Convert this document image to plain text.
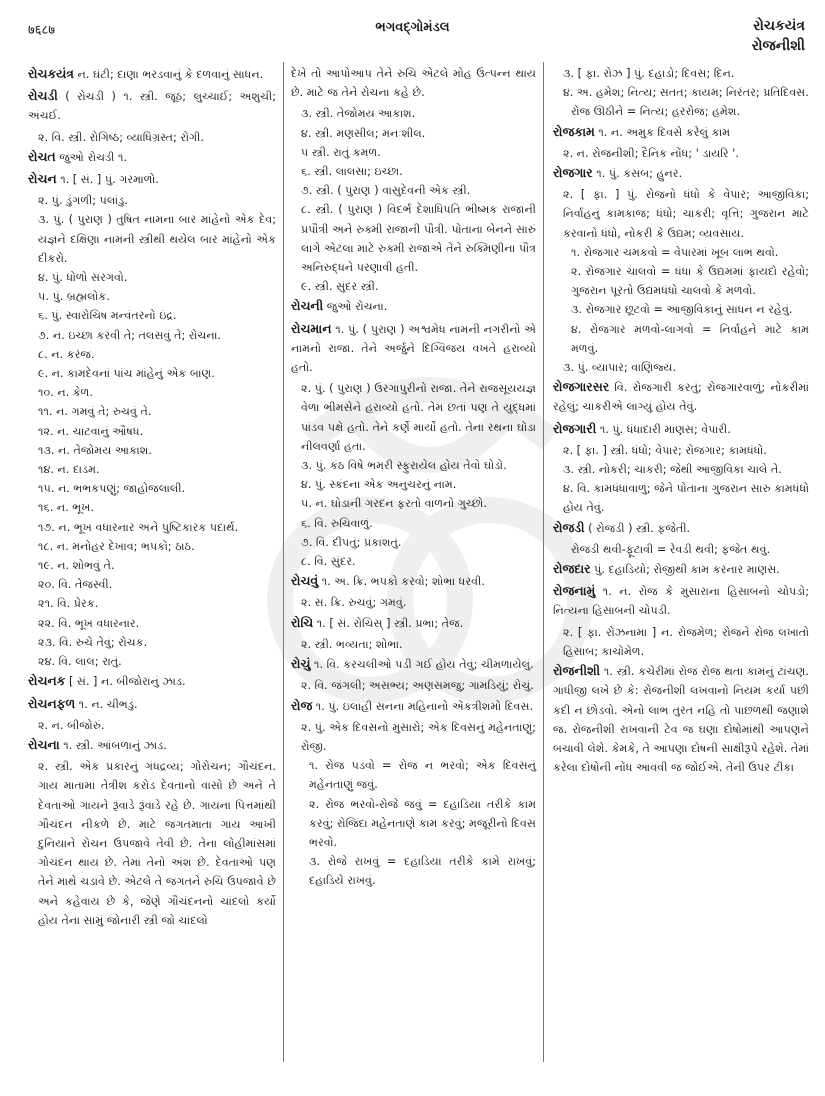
७६८७	ભગવદ્ગોમંડલ	રોચકયંત્ર
રોજનીશી
રોચકયંત્ર ન. ઘંટી; દાણા ભરડવાનું કે દળવાનું સાધન.
રોચડી ( રોચડી ) ૧. સ્ત્રી. જૂઠ; લુચ્ચાઈ; અશુચી; અંચઈ.
૨. વિ. સ્ત્રી. રોગિષ્ઠ; વ્યાધિગ્રસ્ત; રોગી.
રોચત જુઓ રોચડી ૧.
રોચન ૧. [ સં. ] પું. ગરમાળો.
૨. પું. ડુંગળી; પલાંડુ.
૩. પું. ( પુરાણ ) તુષિત નામના બાર માંહેનો એક દેવ; યજ્ઞને દક્ષિણા નામની સ્ત્રીથી થયેલ બાર માંહેનો એક દીકરો.
૪. પું. ધોળો સરગવો.
૫. પું. બ્રહ્મલોક.
૬. પું. સ્વારોચિષ મન્વંતરનો ઇંદ્ર.
૭. ન. ઇચ્છા કરવી તે; તલસવું તે; રોચના.
૮. ન. કરંજ.
૯. ન. કામદેવનાં પાંચ માંહેનું એક બાણ.
૧૦. ન. કેળ.
૧૧. ન. ગમવું તે; રુચવું તે.
૧૨. ન. ચાટવાનું ઔષધ.
૧૩. ન. તેજોમય આકાશ.
૧૪. ન. દાડમ.
૧૫. ન. ભભકપણું; જાહોજલાલી.
૧૬. ન. ભૂખ.
૧૭. ન. ભૂખ વધારનાર અને પુષ્ટિકારક પદાર્થ.
૧૮. ન. મનોહર દેખાવ; ભપકો; ઠાઠ.
૧૯. ન. શોભવું તે.
૨૦. વિ. તેજસ્વી.
૨૧. વિ. પ્રેરક.
૨૨. વિ. ભૂખ વધારનાર.
૨૩. વિ. રુચે તેવું; રોચક.
૨૪. વિ. લાલ; રાતું.
રોચનક [ સં. ] ન. બીજોરાનું ઝાડ.
રોચનફળ ૧. ન. ચીભડું.
૨. ન. બીજોરું.
રોચના ૧. સ્ત્રી. આંબળાનું ઝાડ.
૨. સ્ત્રી. એક પ્રકારનું ગંધદ્રવ્ય; ગોરોચન; ગૌચંદન. ગાય માતામાં તેત્રીશ કરોડ દેવતાનો વાસો છે અને તે દેવતાઓ ગાયને રૂંવાડે રૂંવાડે રહે છે. ગાયના પિત્તમાંથી ગૌચંદન નીકળે છે. માટે જગતમાતા ગાય આખી દુનિયાને રોચન ઉપજાવે તેવી છે. તેના લોહીમાંસમાં ગોચંદન થાય છે. તેમાં તેનો અંશ છે. દેવતાઓ પણ તેને માથે ચડાવે છે. એટલે તે જગતને રુચિ ઉપજાવે છે અને કહેવાય છે કે, જેણે ગૌચંદનનો ચાંદલો કર્યો હોય તેના સામું જોનારી સ્ત્રી જો ચાંદલો
દેખે તો આપોઆપ તેને રુચિ એટલે મોહ ઉત્પન્ન થાય છે. માટે જ તેને રોચના કહે છે.
૩. સ્ત્રી. તેજોમય આકાશ.
૪. સ્ત્રી. મણસીલ; મનઃશીલ.
૫ સ્ત્રી. રાતું કમળ.
૬. સ્ત્રી. લાલસા; ઇચ્છા.
૭. સ્ત્રી. ( પુરાણ ) વાસુદેવની એક સ્ત્રી.
૮. સ્ત્રી. ( પુરાણ ) વિદર્ભ દેશાધિપતિ ભીષ્મક રાજાની પ્રપૌત્રી અને રુક્મી રાજાની પૌત્રી. પોતાના બેનને સારું લાગે એટલા માટે રુક્મી રાજાએ તેને રુક્મિણીના પૌત્ર અનિરુદ્ધને પરણાવી હતી.
૯. સ્ત્રી. સુંદર સ્ત્રી.
રોચની જુઓ રોચના.
રોચમાન ૧. પું. ( પુરાણ ) અશ્વમેધ નામની નગરીનો એ નામનો રાજા. તેને અર્જુને દિગ્વિજય વખતે હરાવ્યો હતો.
૨. પું. ( પુરાણ ) ઉરગાપુરીનો રાજા. તેને રાજસૂયયજ્ઞ વેળા ભીમસેને હરાવ્યો હતો. તેમ છતાં પણ તે યુદ્ધમાં પાંડવ પક્ષે હતો. તેને કર્ણે માર્યો હતો. તેના રથના ઘોડા નીલવર્ણા હતા.
૩. પું. કંઠ વિષે ભમરી સ્ફુરાયેલ હોય તેવો ઘોડો.
૪. પું. સ્કંદના એક અનુચરનું નામ.
૫. ન. ઘોડાની ગરદન ફરતો વાળનો ગુચ્છો.
૬. વિ. રુચિવાળું.
૭. વિ. દીપતું; પ્રકાશતું.
૮. વિ. સુંદર.
રોચવું ૧. અ. ક્રિ. ભપકો કરવો; શોભા ધરવી.
૨. સ. ક્રિ. રુચવું; ગમવું.
રોચિ ૧. [ સં. રોચિસ્ ] સ્ત્રી. પ્રભા; તેજ.
૨. સ્ત્રી. ભવ્યતા; શોભા.
રોચું ૧. વિ. કરચલીઓ પડી ગઈ હોય તેવું; ચીમળાયેલું.
૨. વિ. જંગલી; અસભ્ય; અણસમજુ; ગામડિયું; રોચું.
રોજ ૧. પું. ઇલાહી સનના મહિનાનો એકત્રીશમો દિવસ.
૨. પું. એક દિવસનો મુસારો; એક દિવસનું મહેનતાણું; રોજી.
૧. રોજ પડવો = રોજ ન ભરવો; એક દિવસનું મહેનતાણું જવું.
૨. રોજ ભરવો-રોજે જવું = દહાડિયા તરીકે કામ કરવું; રોજિંદા મહેનતાણે કામ કરવું; મજૂરીનો દિવસ ભરવો.
૩. રોજે રાખવું = દહાડિયા તરીકે કામે રાખવું; દહાડિયે રાખવું.
૩. [ ફા. રોઝ ] પું. દહાડો; દિવસ; દિન.
૪. અ. હમેશ; નિત્ય; સતત; કાયમ; નિરંતર; પ્રતિદિવસ.
રોજ ઊઠીને = નિત્ય; હરરોજ; હમેશ.
રોજકામ ૧. ન. અમુક દિવસે કરેલું કામ
૨. ન. રોજનીશી; દૈનિક નોંધ; ' ડાયરિ '.
રોજગાર ૧. પું. કસબ; હુનર.
૨. [ ફા. ] પું. રોજનો ધંધો કે વેપાર; આજીવિકા; નિર્વાહનું કામકાજ; ધંધો; ચાકરી; વૃત્તિ; ગુજરાન માટે કરવાનો ધંધો, નોકરી કે ઉદ્યમ; વ્યવસાય.
૧. રોજગાર ચમકવો = વેપારમાં ખૂબ લાભ થવો.
૨. રોજગાર ચાલવો = ધંધા કે ઉદ્યમમાં ફાયદો રહેવો; ગુજરાન પૂરતો ઉદ્યમધંધો ચાલવો કે મળવો.
૩. રોજગાર છૂટવો = આજીવિકાનું સાધન ન રહેવું.
૪. રોજગાર મળવો-લાગવો = નિર્વાહને માટે કામ મળવું.
૩. પું. વ્યાપાર; વાણિજ્ય.
રોજગારસર વિ. રોજગારી કરતું; રોજગારવાળું; નોકરીમાં રહેલું; ચાકરીએ લાગ્યું હોય તેવું.
રોજગારી ૧. પું. ધંધાદારી માણસ; વેપારી.
૨. [ ફા. ] સ્ત્રી. ધંધો; વેપાર; રોજગાર; કામધંધો.
૩. સ્ત્રી. નોકરી; ચાકરી; જેથી આજીવિકા ચાલે તે.
૪. વિ. કામધંધાવાળું; જેને પોતાના ગુજરાન સારુ કામધંધો હોય તેવું.
રોજડી ( રોજડી ) સ્ત્રી. ફજેતી.
રોજડી થવી-ફૂટાવી = રેવડી થવી; ફજેત થવું.
રોજદાર પું. દહાડિયો; રોજીથી કામ કરનાર માણસ.
રોજનામું ૧. ન. રોજ કે મુસારાના હિસાબનો ચોપડો; નિત્યના હિસાબની ચોપડી.
૨. [ ફા. રોઝનામા ] ન. રોજમેળ; રોજને રોજ લખાતો હિસાબ; કાચોમેળ.
રોજનીશી ૧. સ્ત્રી. કચેરીમાં રોજ રોજ થતા કામનું ટાંચણ. ગાંધીજી લખે છે કે: રોજનીશી લખવાનો નિયમ કર્યા પછી કદી ન છોડવો. એનો લાભ તુરત નહિ તો પાછળથી જણાશે જ. રોજનીશી રાખવાની ટેવ જ ઘણા દોષોમાંથી આપણને બચાવી લેશે. કેમકે, તે આપણા દોષની સાક્ષીરૂપે રહેશે. તેમાં કરેલા દોષોની નોંધ આવવી જ જોઈએ. તેની ઉપર ટીકા
